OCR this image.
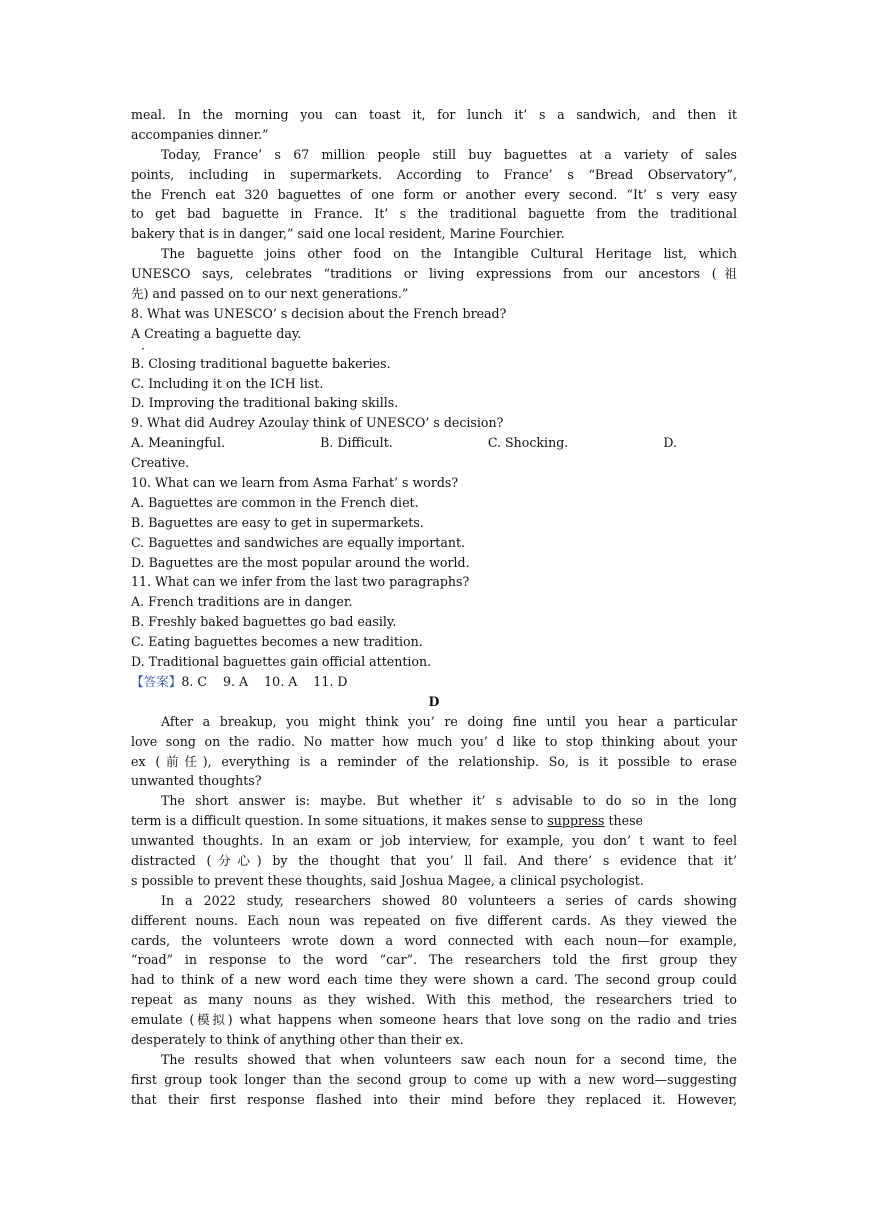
meal. In the morning you can toast it, for lunch it’ s a sandwich, and then it
accompanies dinner.”
Today, France’ s 67 million people still buy baguettes at a variety of sales
points, including in supermarkets. According to France’ s “Bread Observatory”,
the French eat 320 baguettes of one form or another every second. “It’ s very easy
to get bad baguette in France. It’ s the traditional baguette from the traditional
bakery that is in danger,” said one local resident, Marine Fourchier.
The baguette joins other food on the Intangible Cultural Heritage list, which
UNESCO says, celebrates “traditions or living expressions from our ancestors (祖
先) and passed on to our next generations.”
8. What was UNESCO’ s decision about the French bread?
A Creating a baguette day.
·
B. Closing traditional baguette bakeries.
C. Including it on the ICH list.
D. Improving the traditional baking skills.
9. What did Audrey Azoulay think of UNESCO’ s decision?
A. Meaningful.	B. Difficult.	C. Shocking.	D.
Creative.
10. What can we learn from Asma Farhat’ s words?
A. Baguettes are common in the French diet.
B. Baguettes are easy to get in supermarkets.
C. Baguettes and sandwiches are equally important.
D. Baguettes are the most popular around the world.
11. What can we infer from the last two paragraphs?
A. French traditions are in danger.
B. Freshly baked baguettes go bad easily.
C. Eating baguettes becomes a new tradition.
D. Traditional baguettes gain official attention.
【答案】8. C    9. A    10. A    11. D
D
After a breakup, you might think you’ re doing fine until you hear a particular
love song on the radio. No matter how much you’ d like to stop thinking about your
ex (前任), everything is a reminder of the relationship. So, is it possible to erase
unwanted thoughts?
The short answer is: maybe. But whether it’ s advisable to do so in the long
term is a difficult question. In some situations, it makes sense to suppress these
unwanted thoughts. In an exam or job interview, for example, you don’ t want to feel
distracted (分心) by the thought that you’ ll fail. And there’ s evidence that it’
s possible to prevent these thoughts, said Joshua Magee, a clinical psychologist.
In a 2022 study, researchers showed 80 volunteers a series of cards showing
different nouns. Each noun was repeated on five different cards. As they viewed the
cards, the volunteers wrote down a word connected with each noun—for example,
“road” in response to the word “car”. The researchers told the first group they
had to think of a new word each time they were shown a card. The second group could
repeat as many nouns as they wished. With this method, the researchers tried to
emulate (模拟) what happens when someone hears that love song on the radio and tries
desperately to think of anything other than their ex.
The results showed that when volunteers saw each noun for a second time, the
first group took longer than the second group to come up with a new word—suggesting
that their first response flashed into their mind before they replaced it. However,
